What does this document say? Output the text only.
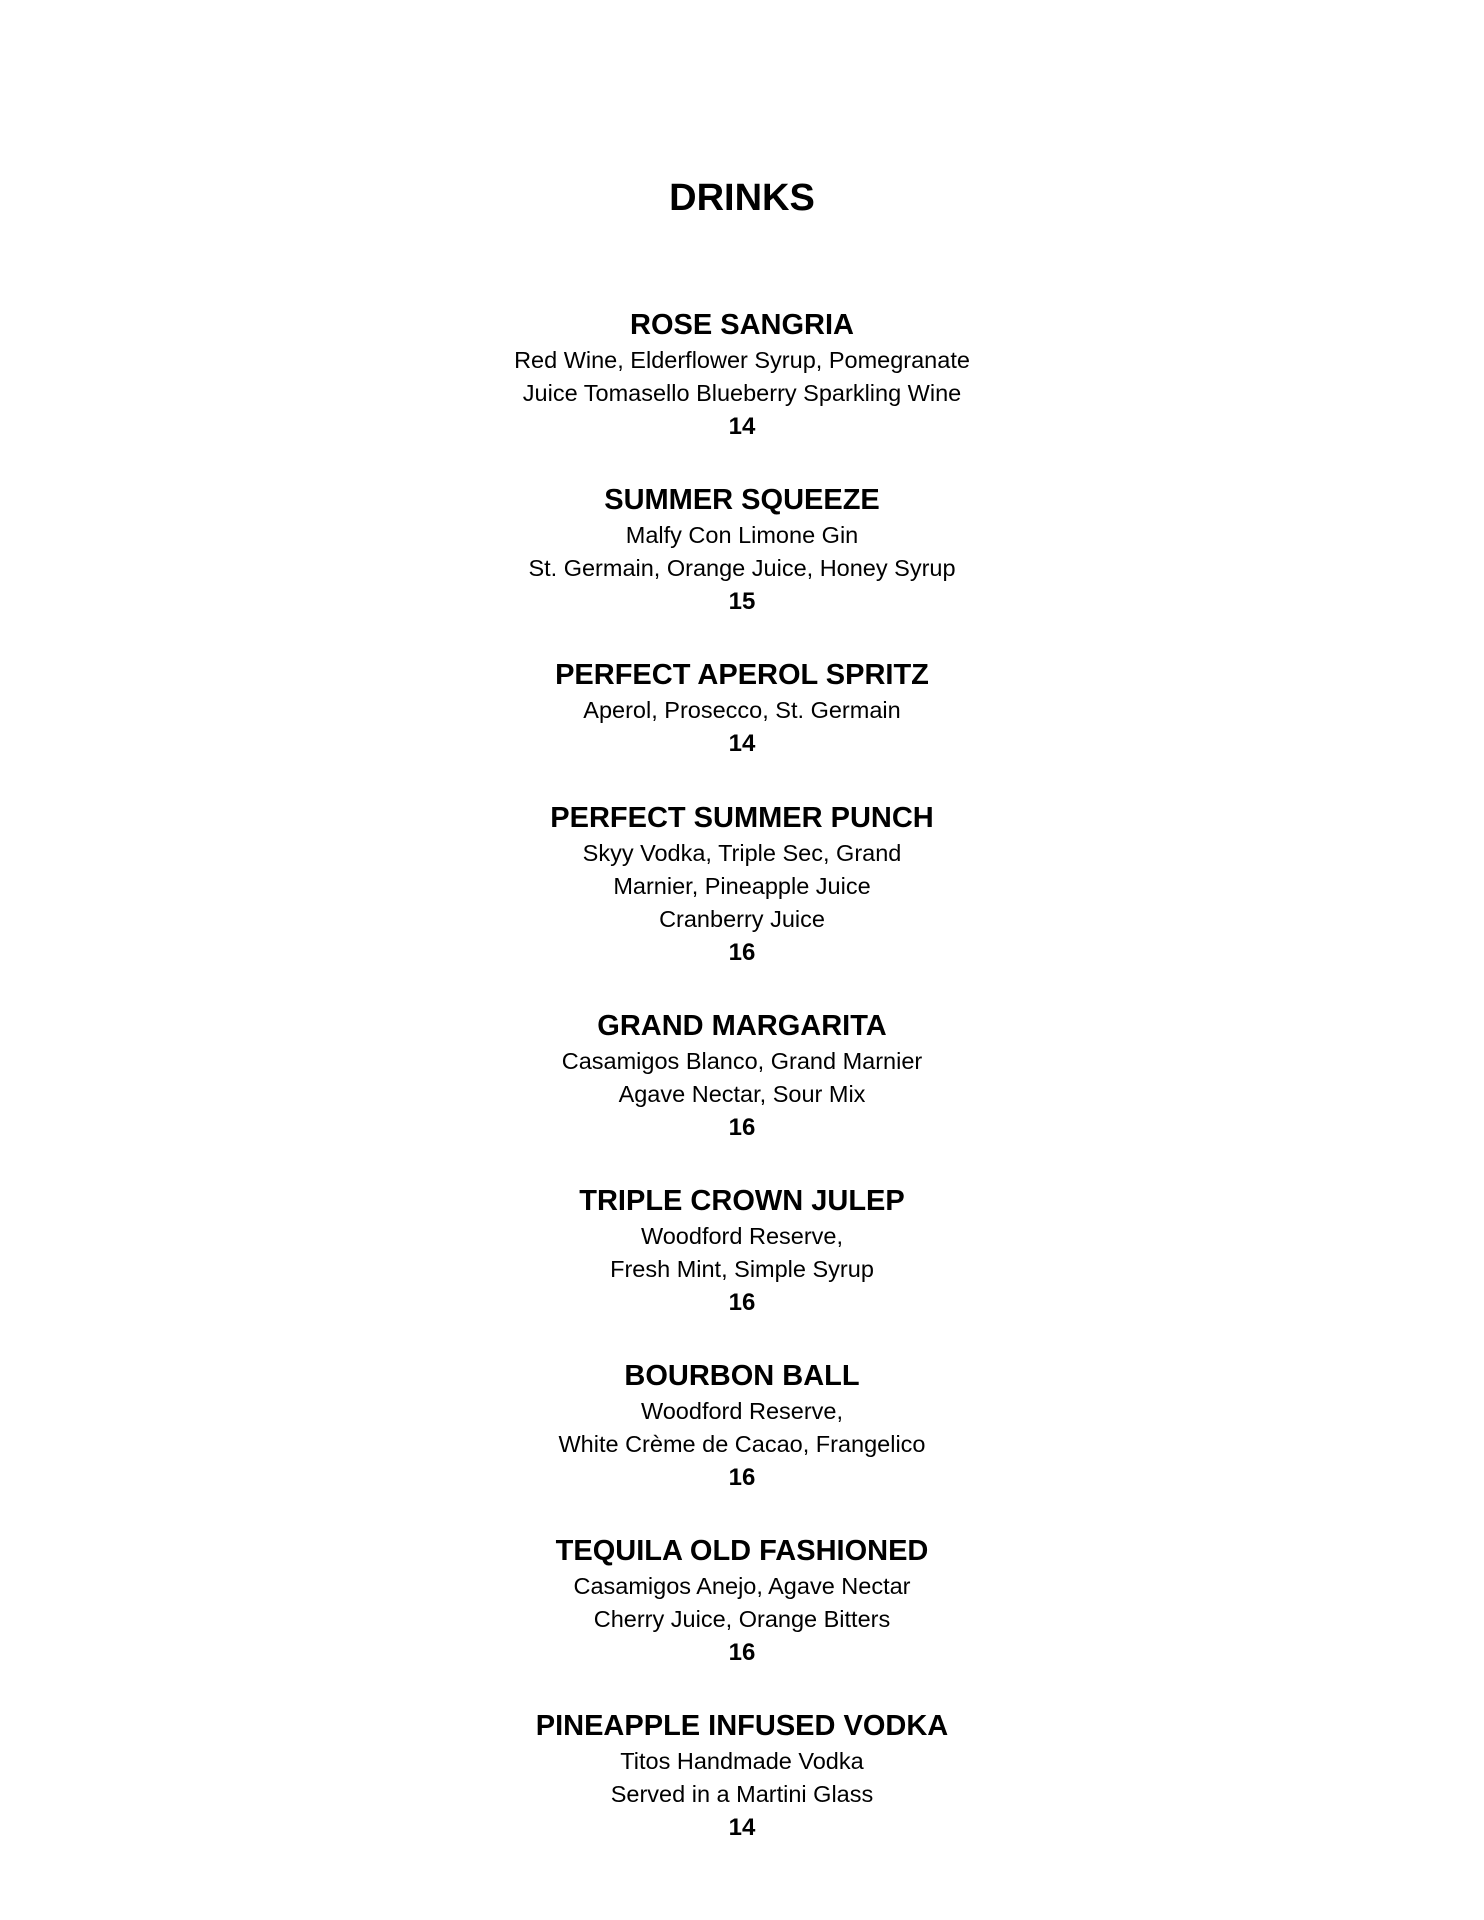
DRINKS

ROSE SANGRIA

Red Wine, Elderflower Syrup, Pomegranate

Juice Tomasello Blueberry Sparkling Wine

14

SUMMER SQUEEZE

Malfy Con Limone Gin

St. Germain, Orange Juice, Honey Syrup

15

PERFECT APEROL SPRITZ

Aperol, Prosecco, St. Germain

14

PERFECT SUMMER PUNCH

Skyy Vodka, Triple Sec, Grand

Marnier, Pineapple Juice

Cranberry Juice

16

GRAND MARGARITA

Casamigos Blanco, Grand Marnier

Agave Nectar, Sour Mix

16

TRIPLE CROWN JULEP

Woodford Reserve,

Fresh Mint, Simple Syrup

16

BOURBON BALL

Woodford Reserve,

White Crème de Cacao, Frangelico

16

TEQUILA OLD FASHIONED

Casamigos Anejo, Agave Nectar

Cherry Juice, Orange Bitters

16

PINEAPPLE INFUSED VODKA

Titos Handmade Vodka

Served in a Martini Glass

14
